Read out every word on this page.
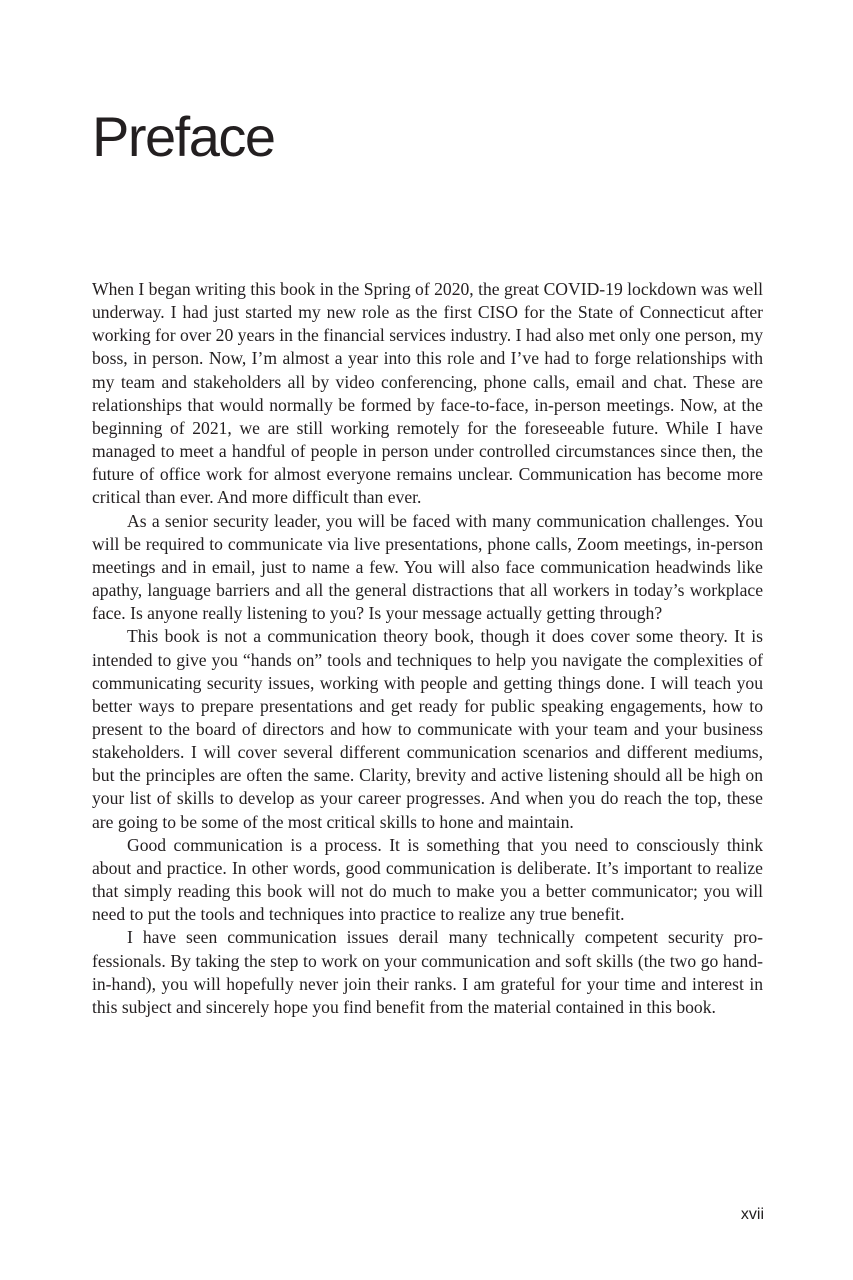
Preface

When I began writing this book in the Spring of 2020, the great COVID-19 lockdown was well underway. I had just started my new role as the first CISO for the State of Connecticut after working for over 20 years in the financial services industry. I had also met only one person, my boss, in person. Now, I’m almost a year into this role and I’ve had to forge relationships with my team and stakeholders all by video conferencing, phone calls, email and chat. These are relationships that would normally be formed by face-to-face, in-person meetings. Now, at the beginning of 2021, we are still working remotely for the foreseeable future. While I have managed to meet a handful of people in person under controlled circumstances since then, the future of office work for almost everyone remains unclear. Communication has become more critical than ever. And more difficult than ever.

As a senior security leader, you will be faced with many communication challenges. You will be required to communicate via live presentations, phone calls, Zoom meetings, in-person meetings and in email, just to name a few. You will also face communication headwinds like apathy, language barriers and all the general distractions that all workers in today’s workplace face. Is anyone really listening to you? Is your message actually getting through?

This book is not a communication theory book, though it does cover some theory. It is intended to give you “hands on” tools and techniques to help you navigate the complexities of communicating security issues, working with people and getting things done. I will teach you better ways to prepare presentations and get ready for public speaking engagements, how to present to the board of directors and how to communicate with your team and your business stakeholders. I will cover several different communication scenarios and different mediums, but the principles are often the same. Clarity, brevity and active listening should all be high on your list of skills to develop as your career progresses. And when you do reach the top, these are going to be some of the most critical skills to hone and maintain.

Good communication is a process. It is something that you need to consciously think about and practice. In other words, good communication is deliberate. It’s important to realize that simply reading this book will not do much to make you a better communicator; you will need to put the tools and techniques into practice to realize any true benefit.

I have seen communication issues derail many technically competent security professionals. By taking the step to work on your communication and soft skills (the two go hand-in-hand), you will hopefully never join their ranks. I am grateful for your time and interest in this subject and sincerely hope you find benefit from the material contained in this book.

xvii
